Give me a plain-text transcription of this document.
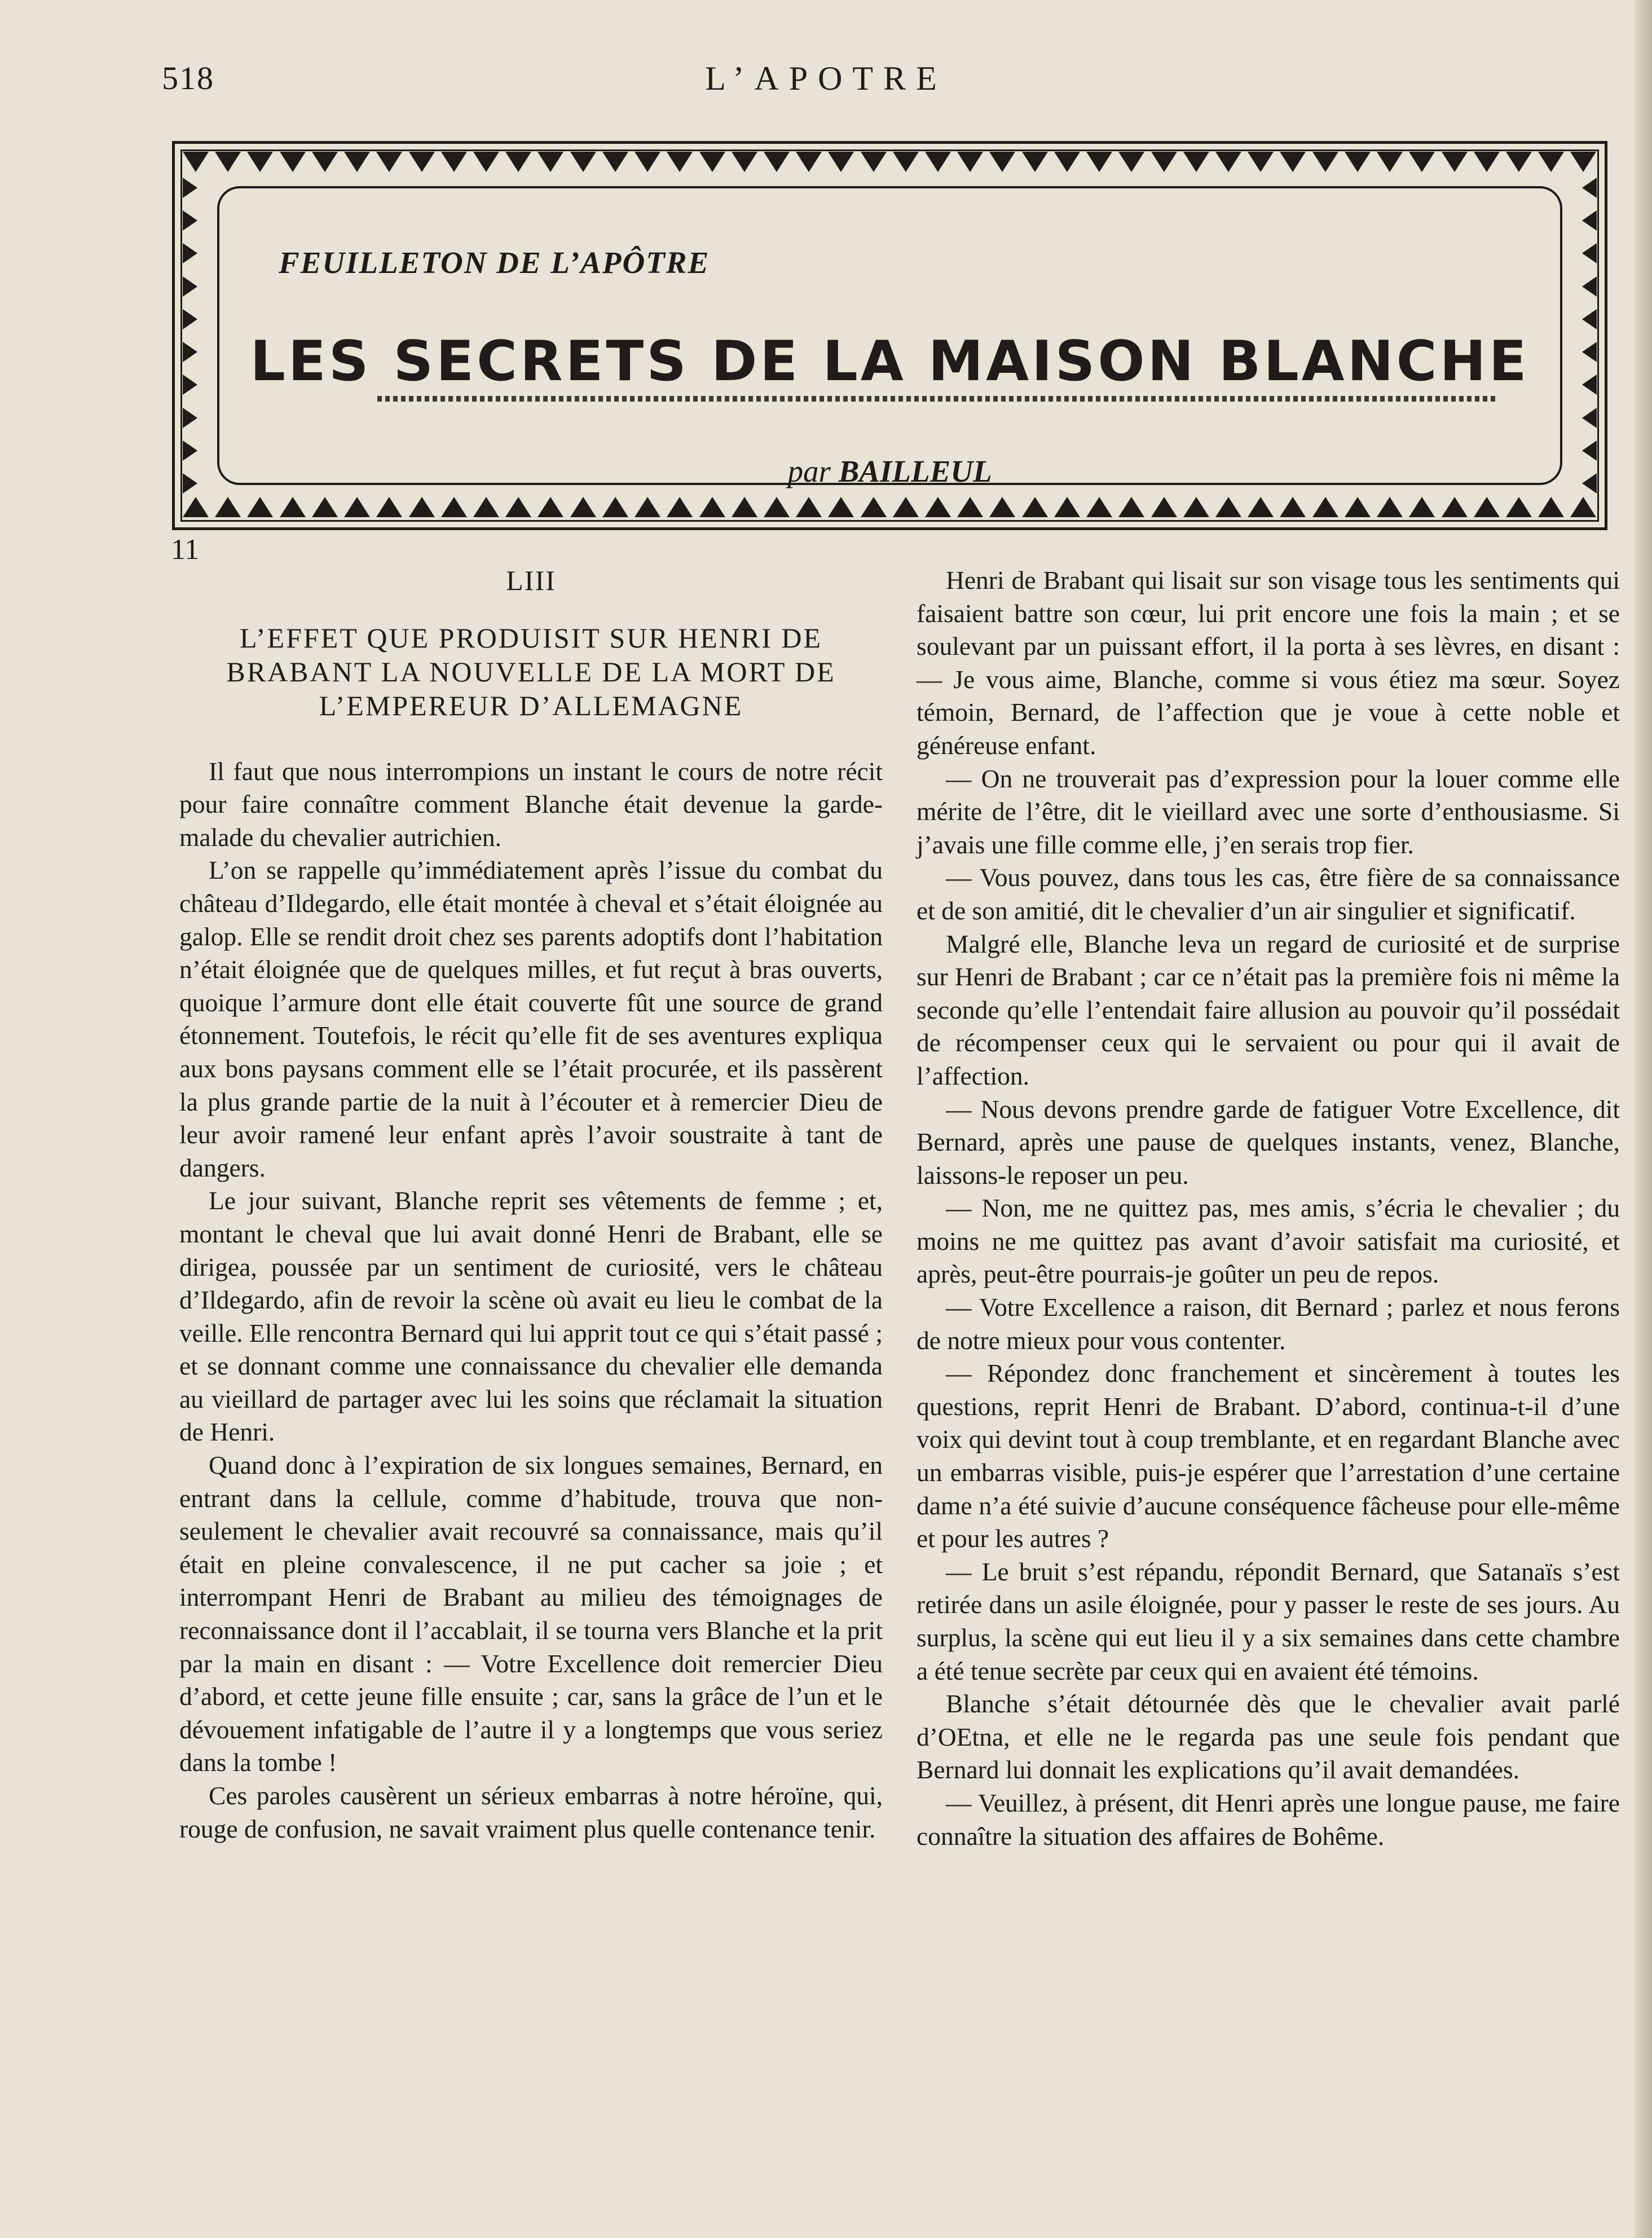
518	L’APOTRE
FEUILLETON DE L’APÔTRE
LES SECRETS DE LA MAISON BLANCHE
par BAILLEUL
11
LIII
L’EFFET QUE PRODUISIT SUR HENRI DE BRABANT LA NOUVELLE DE LA MORT DE L’EMPEREUR D’ALLEMAGNE

Il faut que nous interrompions un instant le cours de notre récit pour faire connaître comment Blanche était devenue la garde-malade du chevalier autrichien.

L’on se rappelle qu’immédiatement après l’issue du combat du château d’Ildegardo, elle était montée à cheval et s’était éloignée au galop. Elle se rendit droit chez ses parents adoptifs dont l’habitation n’était éloignée que de quelques milles, et fut reçut à bras ouverts, quoique l’armure dont elle était couverte fût une source de grand étonnement. Toutefois, le récit qu’elle fit de ses aventures expliqua aux bons paysans comment elle se l’était procurée, et ils passèrent la plus grande partie de la nuit à l’écouter et à remercier Dieu de leur avoir ramené leur enfant après l’avoir soustraite à tant de dangers.

Le jour suivant, Blanche reprit ses vêtements de femme ; et, montant le cheval que lui avait donné Henri de Brabant, elle se dirigea, poussée par un sentiment de curiosité, vers le château d’Ildegardo, afin de revoir la scène où avait eu lieu le combat de la veille. Elle rencontra Bernard qui lui apprit tout ce qui s’était passé ; et se donnant comme une connaissance du chevalier elle demanda au vieillard de partager avec lui les soins que réclamait la situation de Henri.

Quand donc à l’expiration de six longues semaines, Bernard, en entrant dans la cellule, comme d’habitude, trouva que non-seulement le chevalier avait recouvré sa connaissance, mais qu’il était en pleine convalescence, il ne put cacher sa joie ; et interrompant Henri de Brabant au milieu des témoignages de reconnaissance dont il l’accablait, il se tourna vers Blanche et la prit par la main en disant : — Votre Excellence doit remercier Dieu d’abord, et cette jeune fille ensuite ; car, sans la grâce de l’un et le dévouement infatigable de l’autre il y a longtemps que vous seriez dans la tombe !

Ces paroles causèrent un sérieux embarras à notre héroïne, qui, rouge de confusion, ne savait vraiment plus quelle contenance tenir.

Henri de Brabant qui lisait sur son visage tous les sentiments qui faisaient battre son cœur, lui prit encore une fois la main ; et se soulevant par un puissant effort, il la porta à ses lèvres, en disant : — Je vous aime, Blanche, comme si vous étiez ma sœur. Soyez témoin, Bernard, de l’affection que je voue à cette noble et généreuse enfant.

— On ne trouverait pas d’expression pour la louer comme elle mérite de l’être, dit le vieillard avec une sorte d’enthousiasme. Si j’avais une fille comme elle, j’en serais trop fier.

— Vous pouvez, dans tous les cas, être fière de sa connaissance et de son amitié, dit le chevalier d’un air singulier et significatif.

Malgré elle, Blanche leva un regard de curiosité et de surprise sur Henri de Brabant ; car ce n’était pas la première fois ni même la seconde qu’elle l’entendait faire allusion au pouvoir qu’il possédait de récompenser ceux qui le servaient ou pour qui il avait de l’affection.

— Nous devons prendre garde de fatiguer Votre Excellence, dit Bernard, après une pause de quelques instants, venez, Blanche, laissons-le reposer un peu.

— Non, me ne quittez pas, mes amis, s’écria le chevalier ; du moins ne me quittez pas avant d’avoir satisfait ma curiosité, et après, peut-être pourrais-je goûter un peu de repos.

— Votre Excellence a raison, dit Bernard ; parlez et nous ferons de notre mieux pour vous contenter.

— Répondez donc franchement et sincèrement à toutes les questions, reprit Henri de Brabant. D’abord, continua-t-il d’une voix qui devint tout à coup tremblante, et en regardant Blanche avec un embarras visible, puis-je espérer que l’arrestation d’une certaine dame n’a été suivie d’aucune conséquence fâcheuse pour elle-même et pour les autres ?

— Le bruit s’est répandu, répondit Bernard, que Satanaïs s’est retirée dans un asile éloignée, pour y passer le reste de ses jours. Au surplus, la scène qui eut lieu il y a six semaines dans cette chambre a été tenue secrète par ceux qui en avaient été témoins.

Blanche s’était détournée dès que le chevalier avait parlé d’OEtna, et elle ne le regarda pas une seule fois pendant que Bernard lui donnait les explications qu’il avait demandées.

— Veuillez, à présent, dit Henri après une longue pause, me faire connaître la situation des affaires de Bohême.
